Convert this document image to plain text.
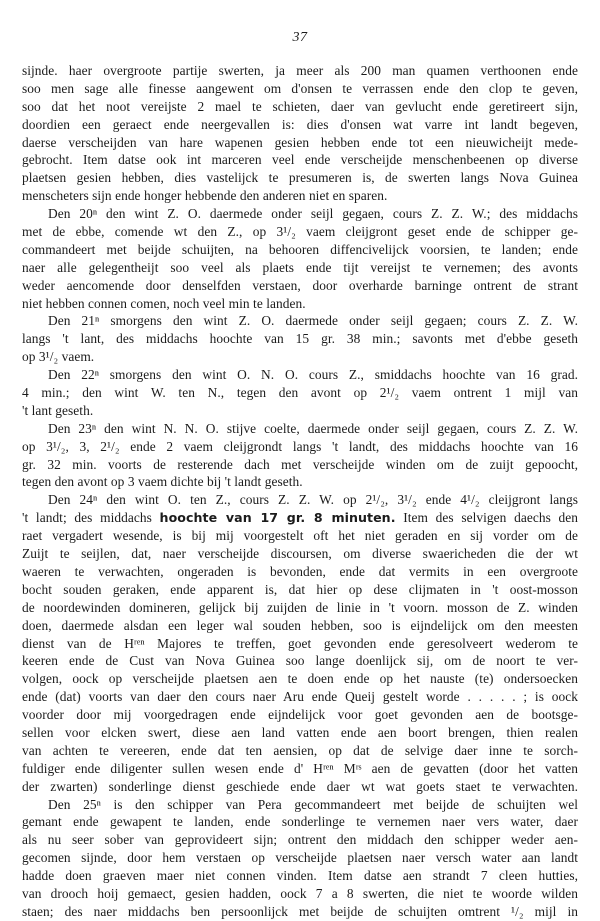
37
sijnde. haer overgroote partije swerten, ja meer als 200 man quamen verthoonen ende
soo men sage alle finesse aangewent om d'onsen te verrassen ende den clop te geven,
soo dat het noot vereijste 2 mael te schieten, daer van gevlucht ende geretireert sijn,
doordien een geraect ende neergevallen is: dies d'onsen wat varre int landt begeven,
daerse verscheijden van hare wapenen gesien hebben ende tot een nieuwicheijt mede-
gebrocht. Item datse ook int marceren veel ende verscheijde menschenbeenen op diverse
plaetsen gesien hebben, dies vastelijck te presumeren is, de swerten langs Nova Guinea
menscheters sijn ende honger hebbende den anderen niet en sparen.
Den 20ⁿ den wint Z. O. daermede onder seijl gegaen, cours Z. Z. W.; des middachs
met de ebbe, comende wt den Z., op 3¹/₂ vaem cleijgront geset ende de schipper ge-
commandeert met beijde schuijten, na behooren diffencivelijck voorsien, te landen; ende
naer alle gelegentheijt soo veel als plaets ende tijt vereijst te vernemen; des avonts
weder aencomende door denselfden verstaen, door overharde barninge ontrent de strant
niet hebben connen comen, noch veel min te landen.
Den 21ⁿ smorgens den wint Z. O. daermede onder seijl gegaen; cours Z. Z. W.
langs 't lant, des middachs hoochte van 15 gr. 38 min.; savonts met d'ebbe geseth
op 3¹/₂ vaem.
Den 22ⁿ smorgens den wint O. N. O. cours Z., smiddachs hoochte van 16 grad.
4 min.; den wint W. ten N., tegen den avont op 2¹/₂ vaem ontrent 1 mijl van
't lant geseth.
Den 23ⁿ den wint N. N. O. stijve coelte, daermede onder seijl gegaen, cours Z. Z. W.
op 3¹/₂, 3, 2¹/₂ ende 2 vaem cleijgrondt langs 't landt, des middachs hoochte van 16
gr. 32 min. voorts de resterende dach met verscheijde winden om de zuijt gepoocht,
tegen den avont op 3 vaem dichte bij 't landt geseth.
Den 24ⁿ den wint O. ten Z., cours Z. Z. W. op 2¹/₂, 3¹/₂ ende 4¹/₂ cleijgront langs
't landt; des middachs hoochte van 17 gr. 8 minuten. Item des selvigen daechs den
raet vergadert wesende, is bij mij voorgestelt oft het niet geraden en sij vorder om de
Zuijt te seijlen, dat, naer verscheijde discoursen, om diverse swaericheden die der wt
waeren te verwachten, ongeraden is bevonden, ende dat vermits in een overgroote
bocht souden geraken, ende apparent is, dat hier op dese clijmaten in 't oost-mosson
de noordewinden domineren, gelijck bij zuijden de linie in 't voorn. mosson de Z. winden
doen, daermede alsdan een leger wal souden hebben, soo is eijndelijck om den meesten
dienst van de Hʳᵉⁿ Majores te treffen, goet gevonden ende geresolveert wederom te
keeren ende de Cust van Nova Guinea soo lange doenlijck sij, om de noort te ver-
volgen, oock op verscheijde plaetsen aen te doen ende op het nauste (te) ondersoecken
ende (dat) voorts van daer den cours naer Aru ende Queij gestelt worde . . . . . ; is oock
voorder door mij voorgedragen ende eijndelijck voor goet gevonden aen de bootsge-
sellen voor elcken swert, diese aen land vatten ende aen boort brengen, thien realen
van achten te vereeren, ende dat ten aensien, op dat de selvige daer inne te sorch-
fuldiger ende diligenter sullen wesen ende d' Hʳᵉⁿ Mʳˢ aen de gevatten (door het vatten
der zwarten) sonderlinge dienst geschiede ende daer wt wat goets staet te verwachten.
Den 25ⁿ is den schipper van Pera gecommandeert met beijde de schuijten wel
gemant ende gewapent te landen, ende sonderlinge te vernemen naer vers water, daer
als nu seer sober van geprovideert sijn; ontrent den middach den schipper weder aen-
gecomen sijnde, door hem verstaen op verscheijde plaetsen naer versch water aan landt
hadde doen graeven maer niet connen vinden. Item datse aen strandt 7 cleen hutties,
van drooch hoij gemaect, gesien hadden, oock 7 a 8 swerten, die niet te woorde wilden
staen; des naer middachs ben persoonlijck met beijde de schuijten omtrent ¹/₂ mijl in
